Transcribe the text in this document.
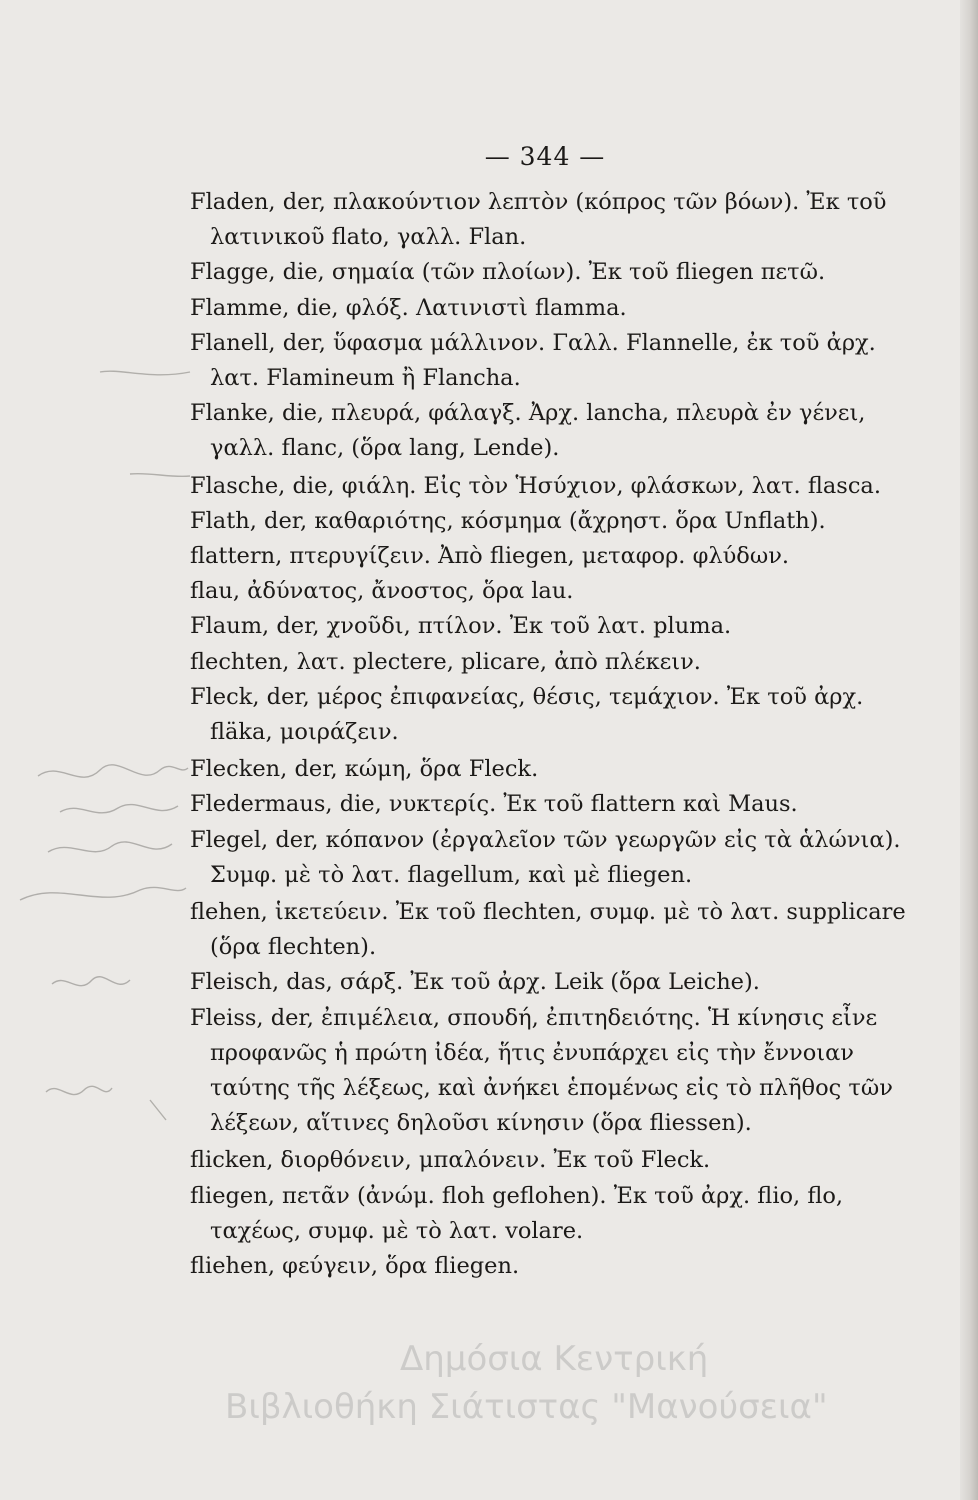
— 344 —

Fladen, der, πλακούντιον λεπτὸν (κόπρος τῶν βόων). Ἐκ τοῦ λατινικοῦ flato, γαλλ. Flan.

Flagge, die, σημαία (τῶν πλοίων). Ἐκ τοῦ fliegen πετῶ.

Flamme, die, φλόξ. Λατινιστὶ flamma.

Flanell, der, ὕφασμα μάλλινον. Γαλλ. Flannelle, ἐκ τοῦ ἀρχ. λατ. Flamineum ἢ Flancha.

Flanke, die, πλευρά, φάλαγξ. Ἀρχ. lancha, πλευρὰ ἐν γένει, γαλλ. flanc, (ὅρα lang, Lende).

Flasche, die, φιάλη. Εἰς τὸν Ἡσύχιον, φλάσκων, λατ. flasca.

Flath, der, καθαριότης, κόσμημα (ἄχρηστ. ὅρα Unflath).

flattern, πτερυγίζειν. Ἀπὸ fliegen, μεταφορ. φλύδων.

flau, ἀδύνατος, ἄνοστος, ὅρα lau.

Flaum, der, χνοῦδι, πτίλον. Ἐκ τοῦ λατ. pluma.

flechten, λατ. plectere, plicare, ἀπὸ πλέκειν.

Fleck, der, μέρος ἐπιφανείας, θέσις, τεμάχιον. Ἐκ τοῦ ἀρχ. fläka, μοιράζειν.

Flecken, der, κώμη, ὅρα Fleck.

Fledermaus, die, νυκτερίς. Ἐκ τοῦ flattern καὶ Maus.

Flegel, der, κόπανον (ἐργαλεῖον τῶν γεωργῶν εἰς τὰ ἁλώνια). Συμφ. μὲ τὸ λατ. flagellum, καὶ μὲ fliegen.

flehen, ἱκετεύειν. Ἐκ τοῦ flechten, συμφ. μὲ τὸ λατ. supplicare (ὅρα flechten).

Fleisch, das, σάρξ. Ἐκ τοῦ ἀρχ. Leik (ὅρα Leiche).

Fleiss, der, ἐπιμέλεια, σπουδή, ἐπιτηδειότης. Ἡ κίνησις εἶνε προφανῶς ἡ πρώτη ἰδέα, ἥτις ἐνυπάρχει εἰς τὴν ἔννοιαν ταύτης τῆς λέξεως, καὶ ἀνήκει ἑπομένως εἰς τὸ πλῆθος τῶν λέξεων, αἵτινες δηλοῦσι κίνησιν (ὅρα fliessen).

flicken, διορθόνειν, μπαλόνειν. Ἐκ τοῦ Fleck.

fliegen, πετᾶν (ἀνώμ. floh geflohen). Ἐκ τοῦ ἀρχ. flio, flo, ταχέως, συμφ. μὲ τὸ λατ. volare.

fliehen, φεύγειν, ὅρα fliegen.

Δημόσια Κεντρική
Βιβλιοθήκη Σιάτιστας "Μανούσεια"
